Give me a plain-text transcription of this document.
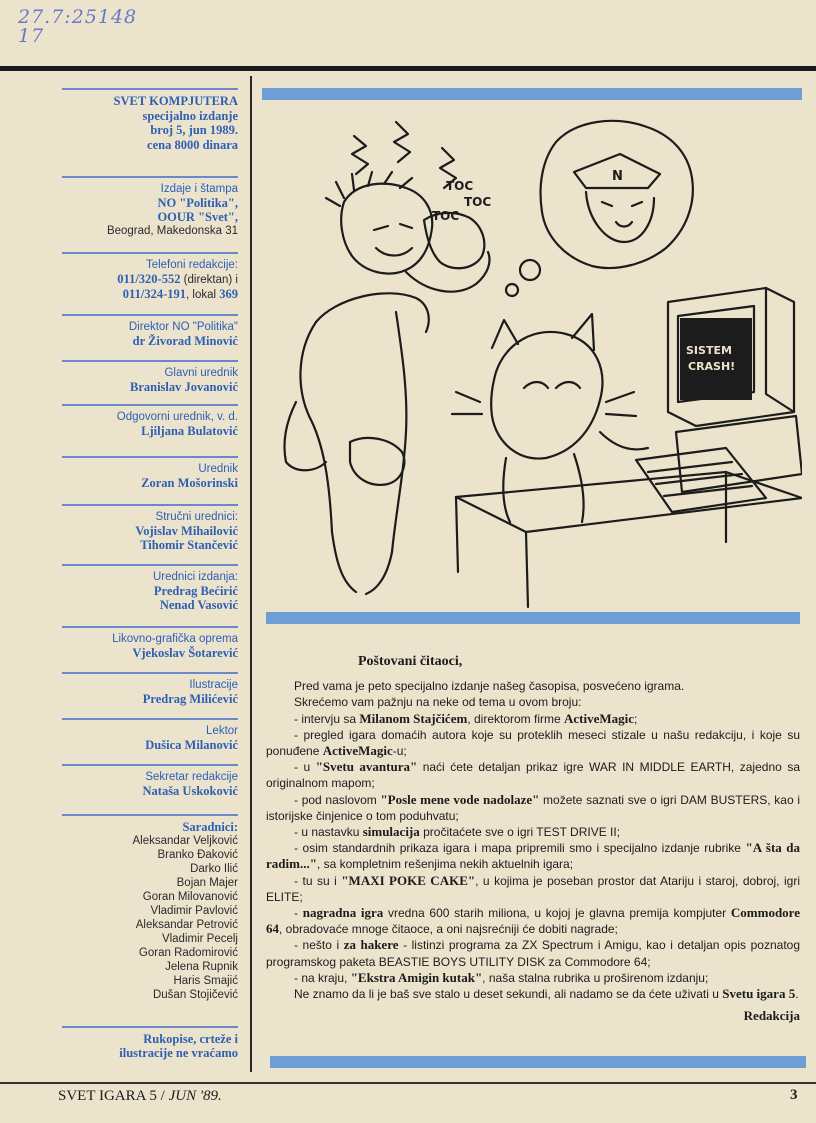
27.7:25148
17
SVET KOMPJUTERA
specijalno izdanje
broj 5, jun 1989.
cena 8000 dinara
Izdaje i štampa
NO "Politika",
OOUR "Svet",
Beograd, Makedonska 31
Telefoni redakcije:
011/320-552 (direktan) i
011/324-191, lokal 369
Direktor NO "Politika"
dr Živorad Minović
Glavni urednik
Branislav Jovanović
Odgovorni urednik, v. d.
Ljiljana Bulatović
Urednik
Zoran Mošorinski
Stručni urednici:
Vojislav Mihailović
Tihomir Stančević
Urednici izdanja:
Predrag Bećirić
Nenad Vasović
Likovno-grafička oprema
Vjekoslav Šotarević
Ilustracije
Predrag Milićević
Lektor
Dušica Milanović
Sekretar redakcije
Nataša Uskoković
Saradnici:
Aleksandar Veljković
Branko Đaković
Darko Ilić
Bojan Majer
Goran Milovanović
Vladimir Pavlović
Aleksandar Petrović
Vladimir Pecelj
Goran Radomirović
Jelena Rupnik
Haris Smajić
Dušan Stojičević
Rukopise, crteže i
ilustracije ne vraćamo
SISTEM
CRASH!
TOC
TOC
TOC
N
Poštovani čitaoci,

Pred vama je peto specijalno izdanje našeg časopisa, posvećeno igrama.

Skrećemo vam pažnju na neke od tema u ovom broju:

- intervju sa Milanom Stajčićem, direktorom firme ActiveMagic;

- pregled igara domaćih autora koje su proteklih meseci stizale u našu redakciju, i koje su ponuđene ActiveMagic-u;

- u "Svetu avantura" naći ćete detaljan prikaz igre WAR IN MIDDLE EARTH, zajedno sa originalnom mapom;

- pod naslovom "Posle mene vode nadolaze" možete saznati sve o igri DAM BUSTERS, kao i istorijske činjenice o tom poduhvatu;

- u nastavku simulacija pročitaćete sve o igri TEST DRIVE II;

- osim standardnih prikaza igara i mapa pripremili smo i specijalno izdanje rubrike "A šta da radim...", sa kompletnim rešenjima nekih aktuelnih igara;

- tu su i "MAXI POKE CAKE", u kojima je poseban prostor dat Atariju i staroj, dobroj, igri ELITE;

- nagradna igra vredna 600 starih miliona, u kojoj je glavna premija kompjuter Commodore 64, obradovaće mnoge čitaoce, a oni najsrećniji će dobiti nagrade;

- nešto i za hakere - listinzi programa za ZX Spectrum i Amigu, kao i detaljan opis poznatog programskog paketa BEASTIE BOYS UTILITY DISK za Commodore 64;

- na kraju, "Ekstra Amigin kutak", naša stalna rubrika u proširenom izdanju;

Ne znamo da li je baš sve stalo u deset sekundi, ali nadamo se da ćete uživati u Svetu igara 5.

Redakcija
SVET IGARA 5 / JUN '89.	3
